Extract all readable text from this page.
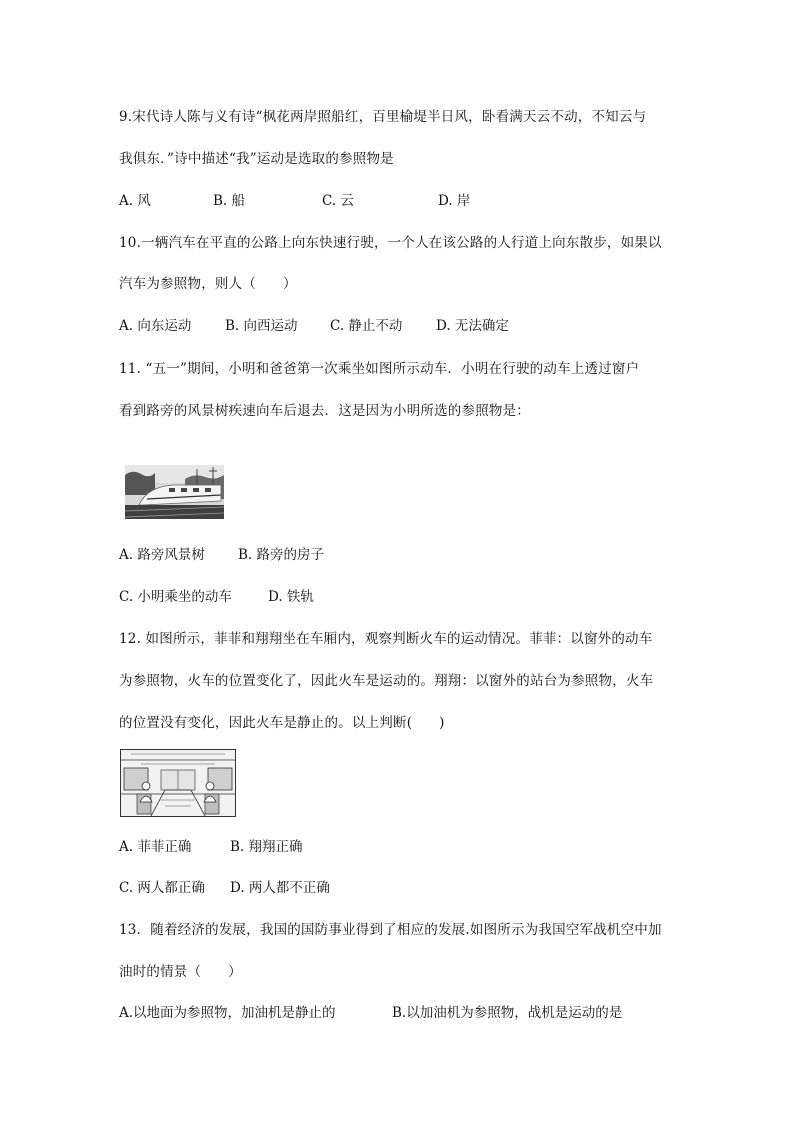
9.宋代诗人陈与义有诗“枫花两岸照船红，百里榆堤半日风，卧看满天云不动，不知云与
我俱东．”诗中描述“我”运动是选取的参照物是
A. 风	B. 船	C. 云	D. 岸
10.一辆汽车在平直的公路上向东快速行驶，一个人在该公路的人行道上向东散步，如果以
汽车为参照物，则人（      ）
A. 向东运动 B. 向西运动 C. 静止不动 D. 无法确定
11. “五一”期间，小明和爸爸第一次乘坐如图所示动车．小明在行驶的动车上透过窗户
看到路旁的风景树疾速向车后退去．这是因为小明所选的参照物是：
A. 路旁风景树 B. 路旁的房子
C. 小明乘坐的动车	D. 铁轨
12. 如图所示，菲菲和翔翔坐在车厢内，观察判断火车的运动情况。菲菲：以窗外的动车
为参照物，火车的位置变化了，因此火车是运动的。翔翔：以窗外的站台为参照物，火车
的位置没有变化，因此火车是静止的。以上判断(      )
A. 菲菲正确	B. 翔翔正确
C. 两人都正确 D. 两人都不正确
13．随着经济的发展，我国的国防事业得到了相应的发展.如图所示为我国空军战机空中加
油时的情景（      ）
A.以地面为参照物，加油机是静止的	B.以加油机为参照物，战机是运动的是
